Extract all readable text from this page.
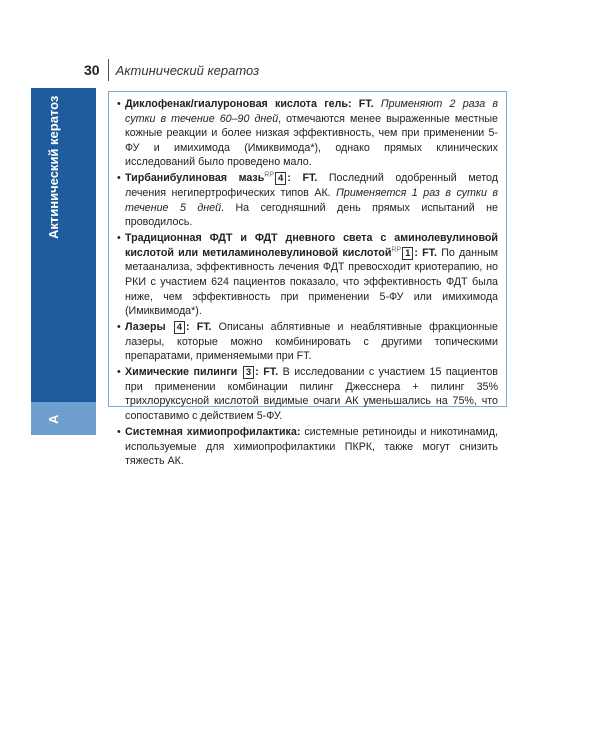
30 Актинический кератоз
Актинический кератоз
А
• Диклофенак/гиалуроновая кислота гель: FT. Применяют 2 раза в сутки в течение 60–90 дней, отмечаются менее выраженные местные кожные реакции и более низкая эффективность, чем при применении 5-ФУ и имихимода (Имиквимода*), однако прямых клинических исследований было проведено мало.
• Тирбанибулиновая мазь$^{RP}$ 4 : FT. Последний одобренный метод лечения негипертрофических типов АК. Применяется 1 раз в сутки в течение 5 дней. На сегодняшний день прямых испытаний не проводилось.
• Традиционная ФДТ и ФДТ дневного света с аминолевулиновой кислотой или метиламинолевулиновой кислотой$^{RP}$ 1 : FT. По данным метаанализа, эффективность лечения ФДТ превосходит криотерапию, но РКИ с участием 624 пациентов показало, что эффективность ФДТ была ниже, чем эффективность при применении 5-ФУ или имихимода (Имиквимода*).
• Лазеры 4 : FT. Описаны аблятивные и неаблятивные фракционные лазеры, которые можно комбинировать с другими топическими препаратами, применяемыми при FT.
• Химические пилинги 3 : FT. В исследовании с участием 15 пациентов при применении комбинации пилинг Джесснера + пилинг 35% трихлоруксусной кислотой видимые очаги АК уменьшались на 75%, что сопоставимо с действием 5-ФУ.
• Системная химиопрофилактика: системные ретиноиды и никотинамид, используемые для химиопрофилактики ПКРК, также могут снизить тяжесть АК.
